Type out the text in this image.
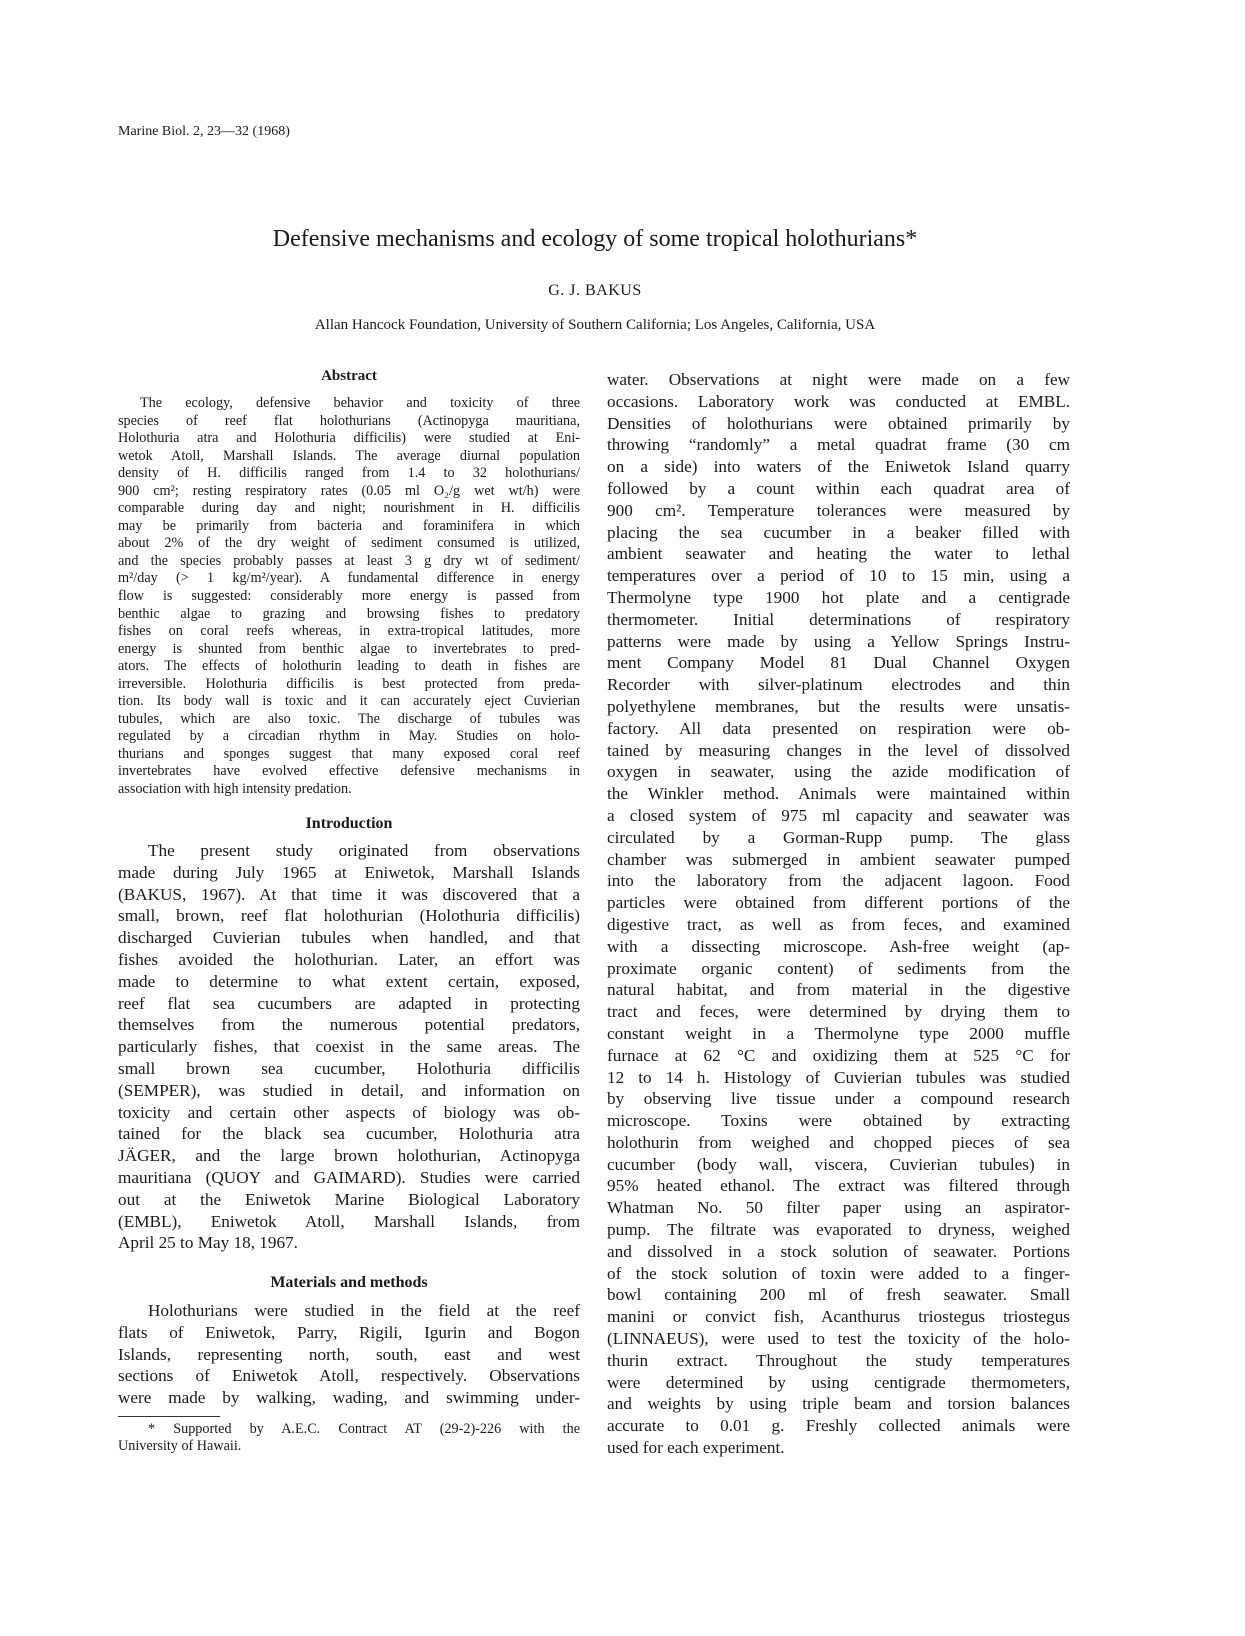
Marine Biol. 2, 23—32 (1968)
Defensive mechanisms and ecology of some tropical holothurians*
G. J. BAKUS
Allan Hancock Foundation, University of Southern California; Los Angeles, California, USA
Abstract
The ecology, defensive behavior and toxicity of three
species of reef flat holothurians (Actinopyga mauritiana,
Holothuria atra and Holothuria difficilis) were studied at Eni-
wetok Atoll, Marshall Islands. The average diurnal population
density of H. difficilis ranged from 1.4 to 32 holothurians/
900 cm²; resting respiratory rates (0.05 ml O₂/g wet wt/h) were
comparable during day and night; nourishment in H. difficilis
may be primarily from bacteria and foraminifera in which
about 2% of the dry weight of sediment consumed is utilized,
and the species probably passes at least 3 g dry wt of sediment/
m²/day (> 1 kg/m²/year). A fundamental difference in energy
flow is suggested: considerably more energy is passed from
benthic algae to grazing and browsing fishes to predatory
fishes on coral reefs whereas, in extra-tropical latitudes, more
energy is shunted from benthic algae to invertebrates to pred-
ators. The effects of holothurin leading to death in fishes are
irreversible. Holothuria difficilis is best protected from preda-
tion. Its body wall is toxic and it can accurately eject Cuvierian
tubules, which are also toxic. The discharge of tubules was
regulated by a circadian rhythm in May. Studies on holo-
thurians and sponges suggest that many exposed coral reef
invertebrates have evolved effective defensive mechanisms in
association with high intensity predation.
Introduction
The present study originated from observations
made during July 1965 at Eniwetok, Marshall Islands
(BAKUS, 1967). At that time it was discovered that a
small, brown, reef flat holothurian (Holothuria difficilis)
discharged Cuvierian tubules when handled, and that
fishes avoided the holothurian. Later, an effort was
made to determine to what extent certain, exposed,
reef flat sea cucumbers are adapted in protecting
themselves from the numerous potential predators,
particularly fishes, that coexist in the same areas. The
small brown sea cucumber, Holothuria difficilis
(SEMPER), was studied in detail, and information on
toxicity and certain other aspects of biology was ob-
tained for the black sea cucumber, Holothuria atra
JÄGER, and the large brown holothurian, Actinopyga
mauritiana (QUOY and GAIMARD). Studies were carried
out at the Eniwetok Marine Biological Laboratory
(EMBL), Eniwetok Atoll, Marshall Islands, from
April 25 to May 18, 1967.
Materials and methods
Holothurians were studied in the field at the reef
flats of Eniwetok, Parry, Rigili, Igurin and Bogon
Islands, representing north, south, east and west
sections of Eniwetok Atoll, respectively. Observations
were made by walking, wading, and swimming under-
* Supported by A.E.C. Contract AT (29-2)-226 with the
University of Hawaii.
water. Observations at night were made on a few
occasions. Laboratory work was conducted at EMBL.
Densities of holothurians were obtained primarily by
throwing “randomly” a metal quadrat frame (30 cm
on a side) into waters of the Eniwetok Island quarry
followed by a count within each quadrat area of
900 cm². Temperature tolerances were measured by
placing the sea cucumber in a beaker filled with
ambient seawater and heating the water to lethal
temperatures over a period of 10 to 15 min, using a
Thermolyne type 1900 hot plate and a centigrade
thermometer. Initial determinations of respiratory
patterns were made by using a Yellow Springs Instru-
ment Company Model 81 Dual Channel Oxygen
Recorder with silver-platinum electrodes and thin
polyethylene membranes, but the results were unsatis-
factory. All data presented on respiration were ob-
tained by measuring changes in the level of dissolved
oxygen in seawater, using the azide modification of
the Winkler method. Animals were maintained within
a closed system of 975 ml capacity and seawater was
circulated by a Gorman-Rupp pump. The glass
chamber was submerged in ambient seawater pumped
into the laboratory from the adjacent lagoon. Food
particles were obtained from different portions of the
digestive tract, as well as from feces, and examined
with a dissecting microscope. Ash-free weight (ap-
proximate organic content) of sediments from the
natural habitat, and from material in the digestive
tract and feces, were determined by drying them to
constant weight in a Thermolyne type 2000 muffle
furnace at 62 °C and oxidizing them at 525 °C for
12 to 14 h. Histology of Cuvierian tubules was studied
by observing live tissue under a compound research
microscope. Toxins were obtained by extracting
holothurin from weighed and chopped pieces of sea
cucumber (body wall, viscera, Cuvierian tubules) in
95% heated ethanol. The extract was filtered through
Whatman No. 50 filter paper using an aspirator-
pump. The filtrate was evaporated to dryness, weighed
and dissolved in a stock solution of seawater. Portions
of the stock solution of toxin were added to a finger-
bowl containing 200 ml of fresh seawater. Small
manini or convict fish, Acanthurus triostegus triostegus
(LINNAEUS), were used to test the toxicity of the holo-
thurin extract. Throughout the study temperatures
were determined by using centigrade thermometers,
and weights by using triple beam and torsion balances
accurate to 0.01 g. Freshly collected animals were
used for each experiment.
